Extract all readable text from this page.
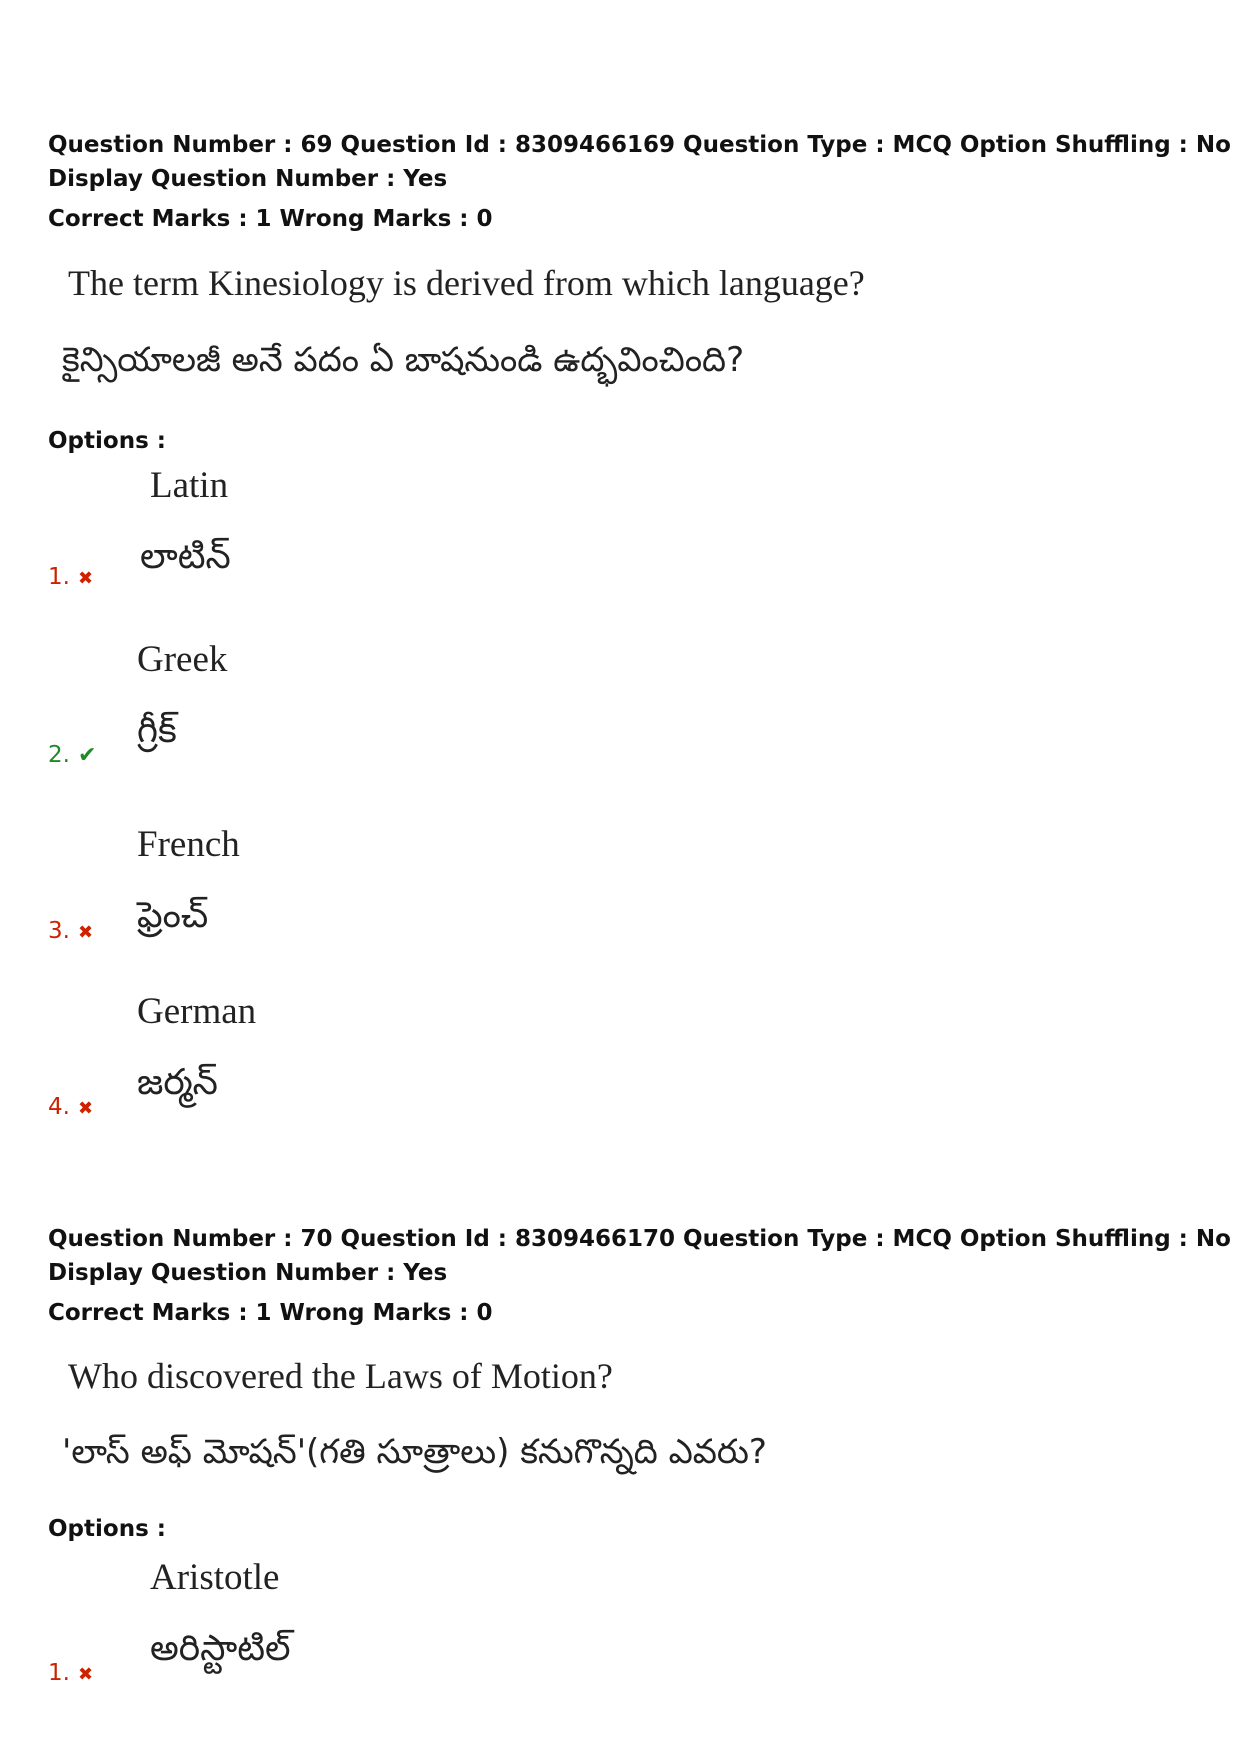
Question Number : 69 Question Id : 8309466169 Question Type : MCQ Option Shuffling : No
Display Question Number : Yes
Correct Marks : 1 Wrong Marks : 0
The term Kinesiology is derived from which language?
కైన్సియాలజీ అనే పదం ఏ బాషనుండి ఉద్భవించింది?
Options :
Latin
లాటిన్
1. ✖
Greek
గ్రీక్
2. ✔
French
ఫ్రెంచ్
3. ✖
German
జర్మన్
4. ✖
Question Number : 70 Question Id : 8309466170 Question Type : MCQ Option Shuffling : No
Display Question Number : Yes
Correct Marks : 1 Wrong Marks : 0
Who discovered the Laws of Motion?
'లాస్ అఫ్ మోషన్'(గతి సూత్రాలు) కనుగొన్నది ఎవరు?
Options :
Aristotle
అరిస్టాటిల్
1. ✖
